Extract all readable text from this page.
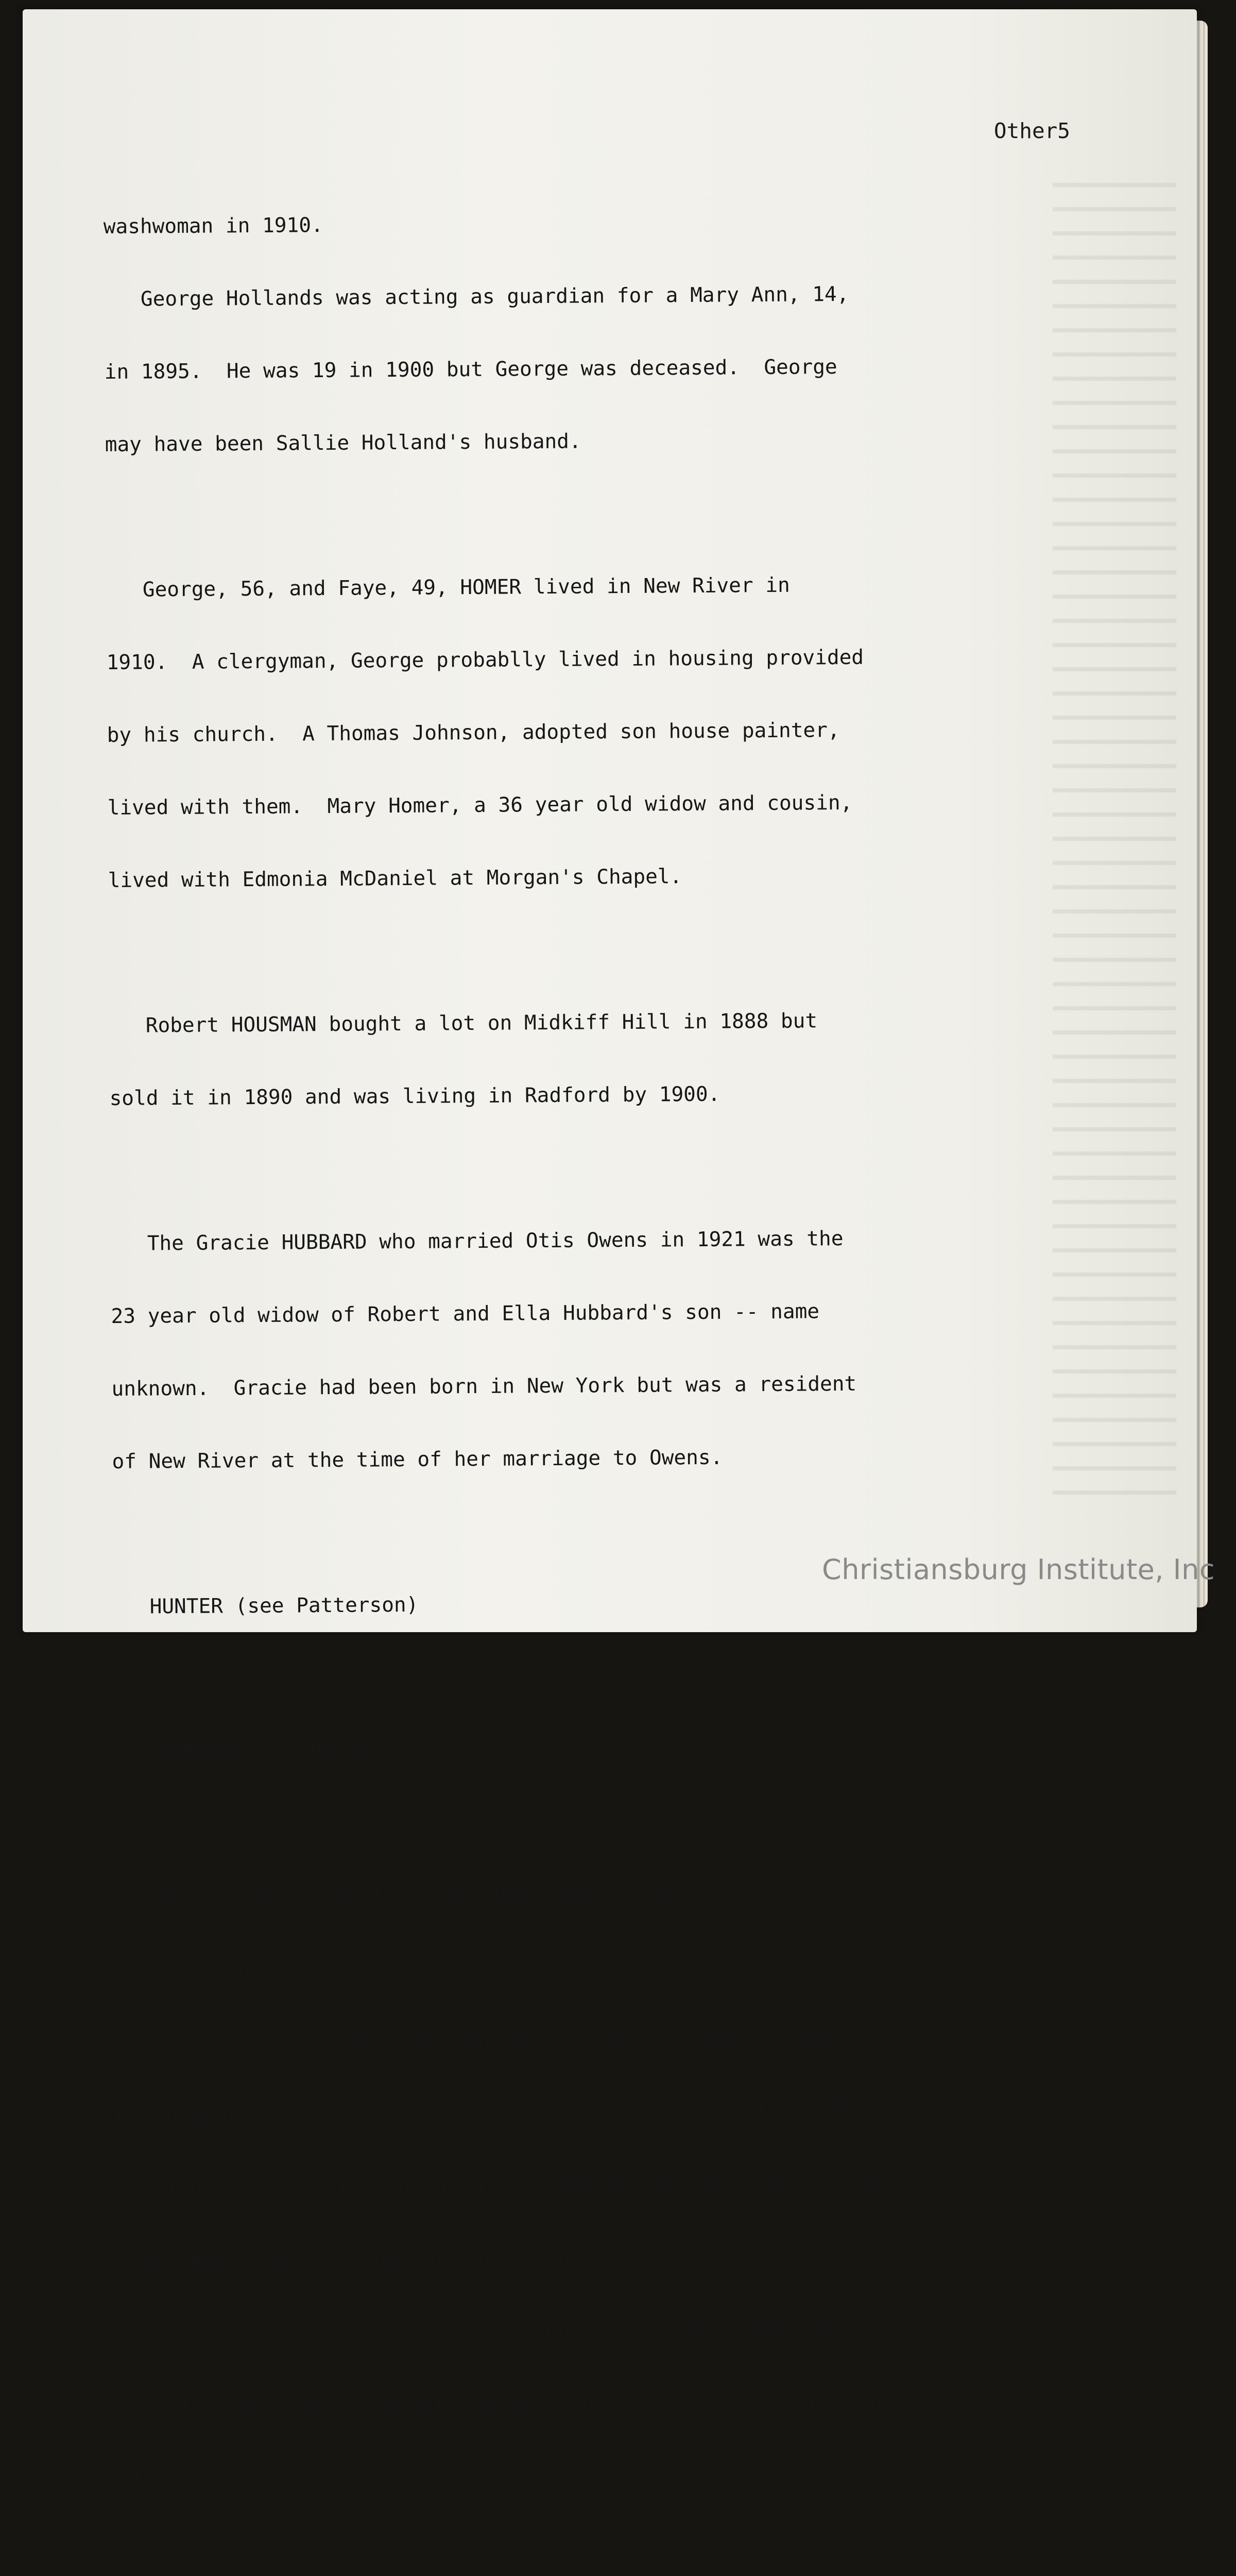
Other5

washwoman in 1910.

George Hollands was acting as guardian for a Mary Ann, 14,

in 1895.  He was 19 in 1900 but George was deceased.  George

may have been Sallie Holland's husband.

George, 56, and Faye, 49, HOMER lived in New River in

1910.  A clergyman, George probablly lived in housing provided

by his church.  A Thomas Johnson, adopted son house painter,

lived with them.  Mary Homer, a 36 year old widow and cousin,

lived with Edmonia McDaniel at Morgan's Chapel.

Robert HOUSMAN bought a lot on Midkiff Hill in 1888 but

sold it in 1890 and was living in Radford by 1900.

The Gracie HUBBARD who married Otis Owens in 1921 was the

23 year old widow of Robert and Ella Hubbard's son -- name

unknown.  Gracie had been born in New York but was a resident

of New River at the time of her marriage to Owens.

HUNTER (see Patterson)

JOHNSON (see Holmes)

Born in North Carolina, Ed JONES registered to vote in

1902, at which time he had lived in Virginia (and the New River

district) for 13 years.  He worked for the railroad in 1900,

but operated his own barber shop in 1910.  Eliza died in 1906,

leaving him with five children -- although the two oldest, both

boys, may have left home by then.  In 1900 Rosa Jones, 41, also

lived with the family, as did four boarders.  Jones may have

actually operated a boarding house.  Ed later married Henry Ann

Floyd.

Christiansburg Institute, Inc
